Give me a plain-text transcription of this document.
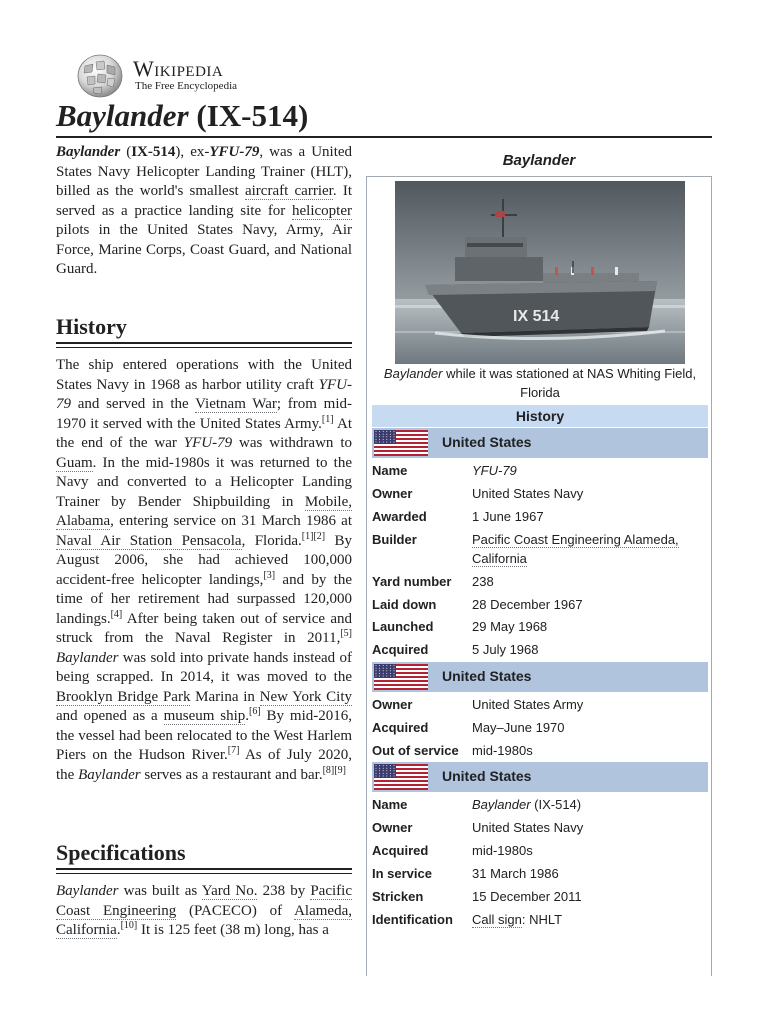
Wikipedia
The Free Encyclopedia
Baylander (IX-514)

Baylander (IX-514), ex-YFU-79, was a United States Navy Helicopter Landing Trainer (HLT), billed as the world's smallest aircraft carrier. It served as a practice landing site for helicopter pilots in the United States Navy, Army, Air Force, Marine Corps, Coast Guard, and National Guard.

History

The ship entered operations with the United States Navy in 1968 as harbor utility craft YFU-79 and served in the Vietnam War; from mid-1970 it served with the United States Army.[1] At the end of the war YFU-79 was withdrawn to Guam. In the mid-1980s it was returned to the Navy and converted to a Helicopter Landing Trainer by Bender Shipbuilding in Mobile, Alabama, entering service on 31 March 1986 at Naval Air Station Pensacola, Florida.[1][2] By August 2006, she had achieved 100,000 accident-free helicopter landings,[3] and by the time of her retirement had surpassed 120,000 landings.[4] After being taken out of service and struck from the Naval Register in 2011,[5] Baylander was sold into private hands instead of being scrapped. In 2014, it was moved to the Brooklyn Bridge Park Marina in New York City and opened as a museum ship.[6] By mid-2016, the vessel had been relocated to the West Harlem Piers on the Hudson River.[7] As of July 2020, the Baylander serves as a restaurant and bar.[8][9]

Specifications

Baylander was built as Yard No. 238 by Pacific Coast Engineering (PACECO) of Alameda, California.[10] It is 125 feet (38 m) long, has a

Baylander
IX 514
Baylander while it was stationed at NAS Whiting Field, Florida
History
United States
Name	YFU-79
Owner	United States Navy
Awarded	1 June 1967
Builder	Pacific Coast Engineering Alameda, California
Yard number 238
Laid down	28 December 1967
Launched	29 May 1968
Acquired	5 July 1968
United States
Owner	United States Army
Acquired	May–June 1970
Out of service mid-1980s
United States
Name	Baylander (IX-514)
Owner	United States Navy
Acquired	mid-1980s
In service	31 March 1986
Stricken	15 December 2011
Identification Call sign: NHLT
